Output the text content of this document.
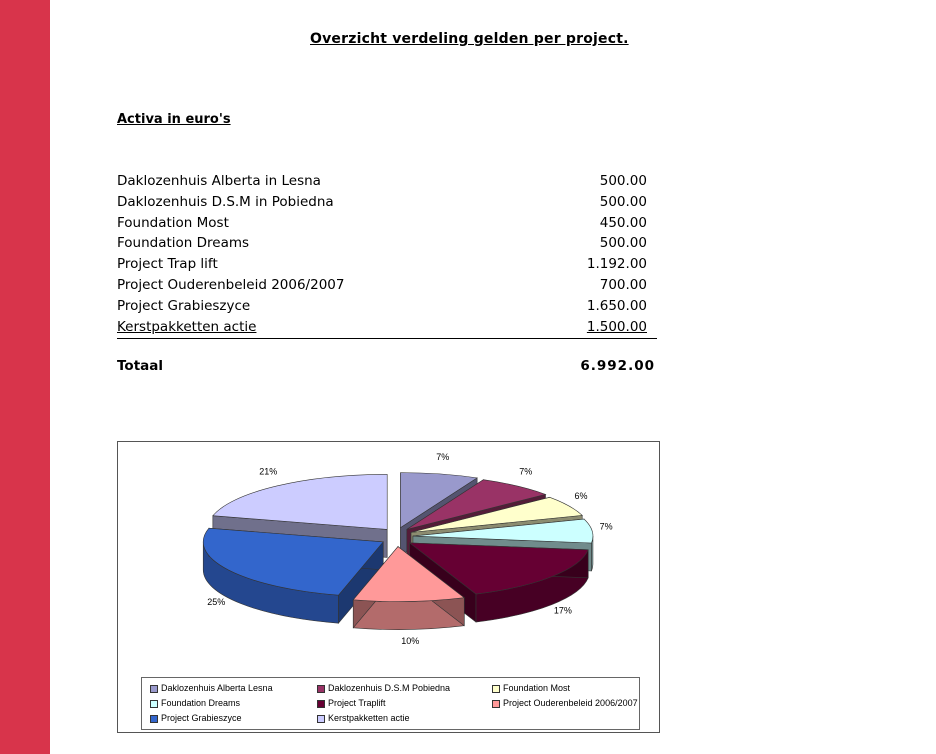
Overzicht verdeling gelden per project.
Activa in euro's
Daklozenhuis Alberta in Lesna	500.00
Daklozenhuis D.S.M in Pobiedna	500.00
Foundation Most	450.00
Foundation Dreams	500.00
Project Trap lift	1.192.00
Project Ouderenbeleid 2006/2007	700.00
Project Grabieszyce	1.650.00
Kerstpakketten actie	1.500.00
Totaal	6.992.00
7%
7%
6%
7%
17%
10%
25%
21%
Daklozenhuis Alberta Lesna	Daklozenhuis D.S.M Pobiedna	Foundation Most
Foundation Dreams	Project Traplift	Project Ouderenbeleid 2006/2007
Project Grabieszyce	Kerstpakketten actie
